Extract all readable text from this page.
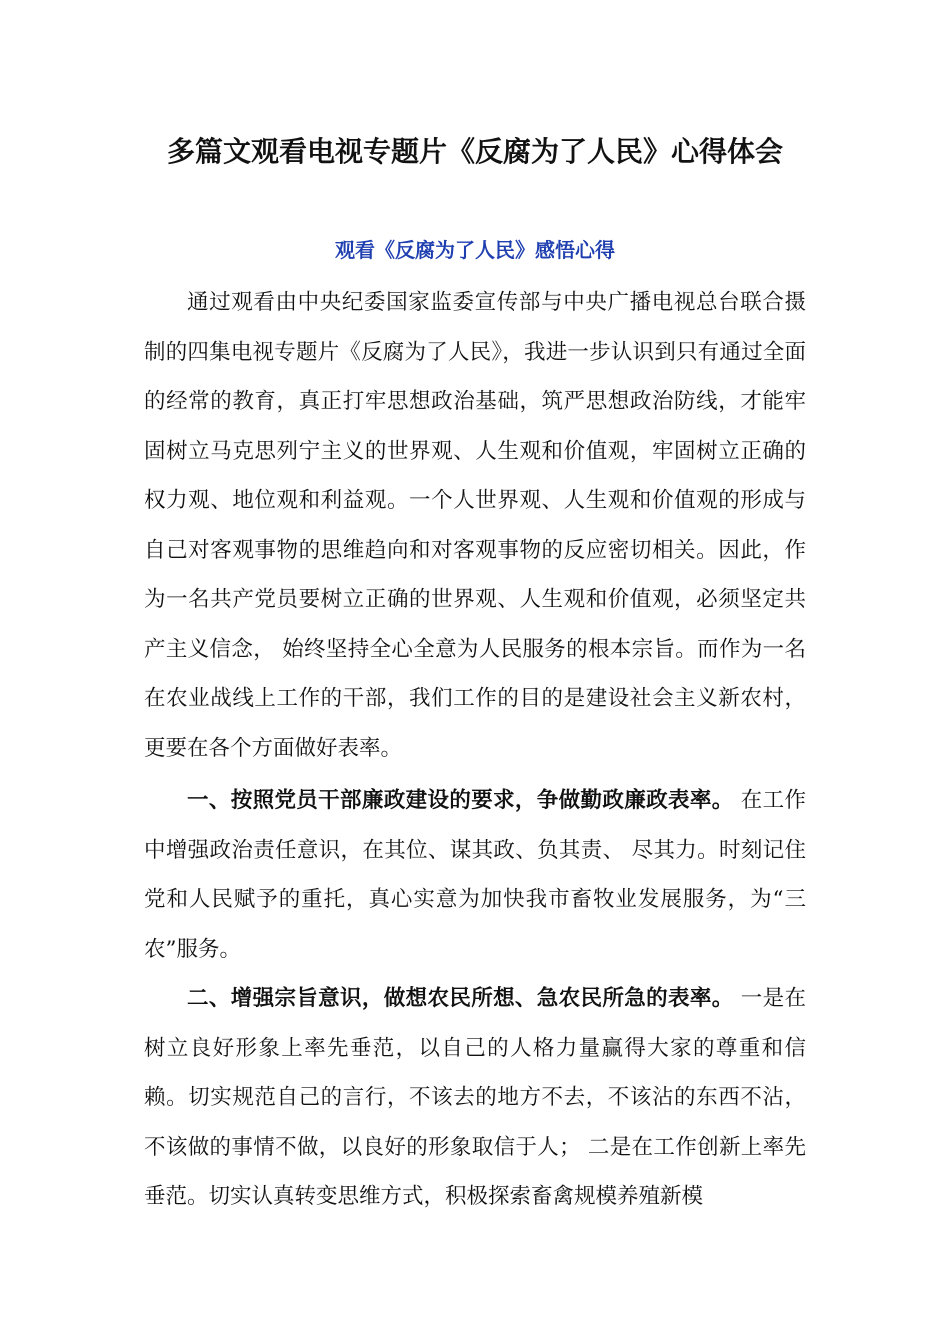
多篇文观看电视专题片《反腐为了人民》心得体会
观看《反腐为了人民》感悟心得

通过观看由中央纪委国家监委宣传部与中央广播电视总台联合摄制的四集电视专题片《反腐为了人民》，我进一步认识到只有通过全面的经常的教育，真正打牢思想政治基础，筑严思想政治防线，才能牢固树立马克思列宁主义的世界观、人生观和价值观，牢固树立正确的权力观、地位观和利益观。一个人世界观、人生观和价值观的形成与自己对客观事物的思维趋向和对客观事物的反应密切相关。因此，作为一名共产党员要树立正确的世界观、人生观和价值观，必须坚定共产主义信念， 始终坚持全心全意为人民服务的根本宗旨。而作为一名在农业战线上工作的干部，我们工作的目的是建设社会主义新农村， 更要在各个方面做好表率。

一、按照党员干部廉政建设的要求，争做勤政廉政表率。 在工作中增强政治责任意识，在其位、谋其政、负其责、 尽其力。时刻记住党和人民赋予的重托，真心实意为加快我市畜牧业发展服务，为“三农”服务。

二、增强宗旨意识，做想农民所想、急农民所急的表率。 一是在树立良好形象上率先垂范，以自己的人格力量赢得大家的尊重和信赖。切实规范自己的言行，不该去的地方不去，不该沾的东西不沾，不该做的事情不做，以良好的形象取信于人； 二是在工作创新上率先垂范。切实认真转变思维方式，积极探索畜禽规模养殖新模
